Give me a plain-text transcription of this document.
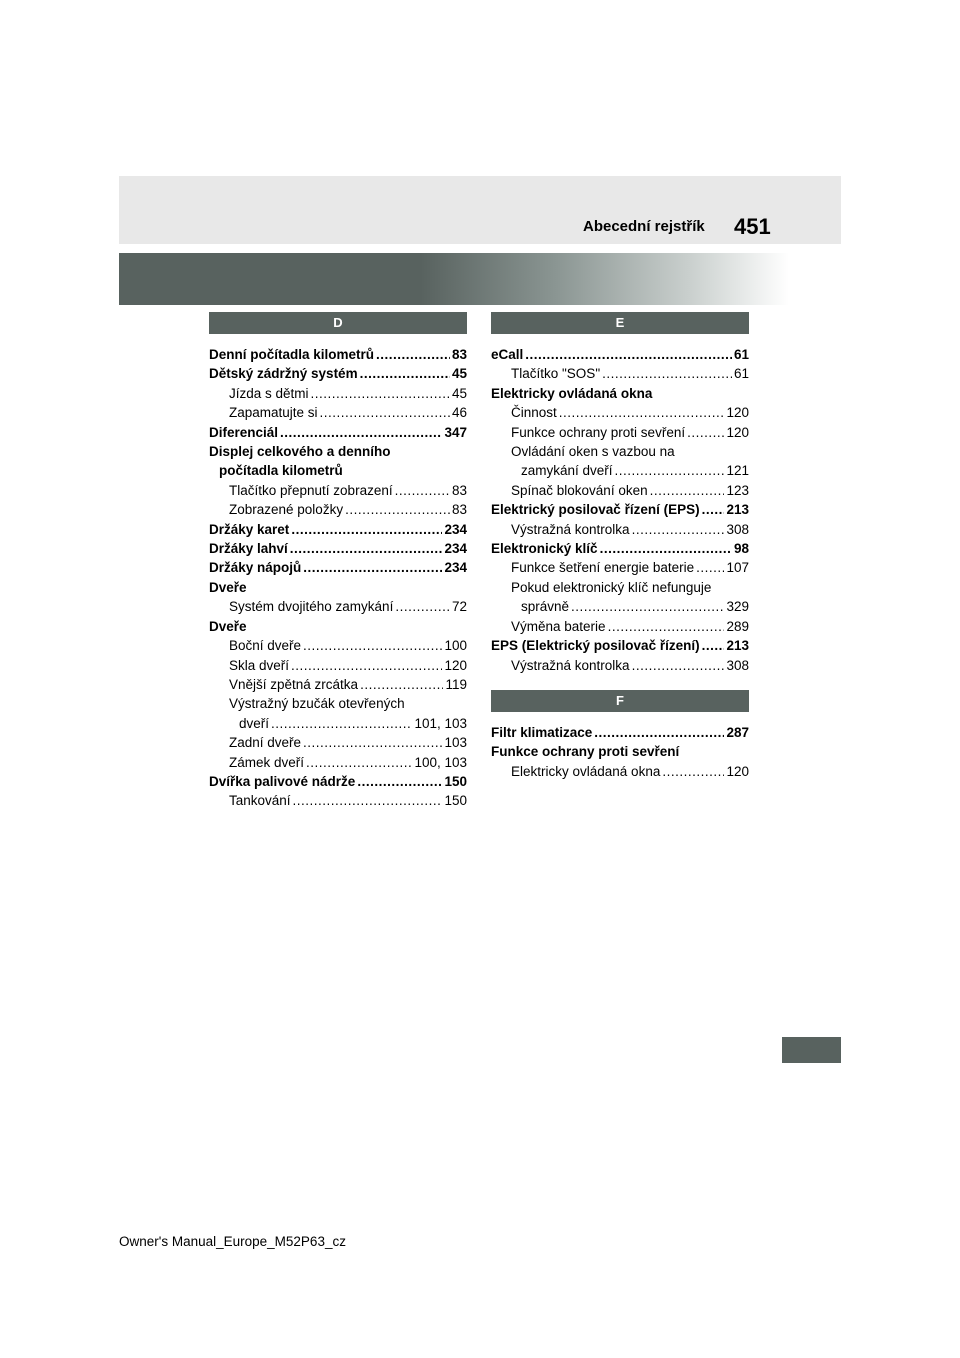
Abecední rejstřík 451
D
Denní počítadla kilometrů .....	83
Dětský zádržný systém .....	45
Jízda s dětmi .....	45
Zapamatujte si .....	46
Diferenciál .....	347
Displej celkového a denního
počítadla kilometrů
Tlačítko přepnutí zobrazení .....	83
Zobrazené položky .....	83
Držáky karet .....	234
Držáky lahví .....	234
Držáky nápojů .....	234
Dveře
Systém dvojitého zamykání .....	72
Dveře
Boční dveře .....	100
Skla dveří .....	120
Vnější zpětná zrcátka .....	119
Výstražný bzučák otevřených
dveří .....	101, 103
Zadní dveře .....	103
Zámek dveří .....	100, 103
Dvířka palivové nádrže .....	150
Tankování .....	150
E
eCall .....	61
Tlačítko "SOS" .....	61
Elektricky ovládaná okna
Činnost .....	120
Funkce ochrany proti sevření .....	120
Ovládání oken s vazbou na
zamykání dveří .....	121
Spínač blokování oken .....	123
Elektrický posilovač řízení (EPS) ..... 213
Výstražná kontrolka .....	308
Elektronický klíč .....	98
Funkce šetření energie baterie ..... 107
Pokud elektronický klíč nefunguje
správně .....	329
Výměna baterie .....	289
EPS (Elektrický posilovač řízení) ..... 213
Výstražná kontrolka .....	308
F
Filtr klimatizace .....	287
Funkce ochrany proti sevření
Elektricky ovládaná okna .....	120
Owner's Manual_Europe_M52P63_cz
